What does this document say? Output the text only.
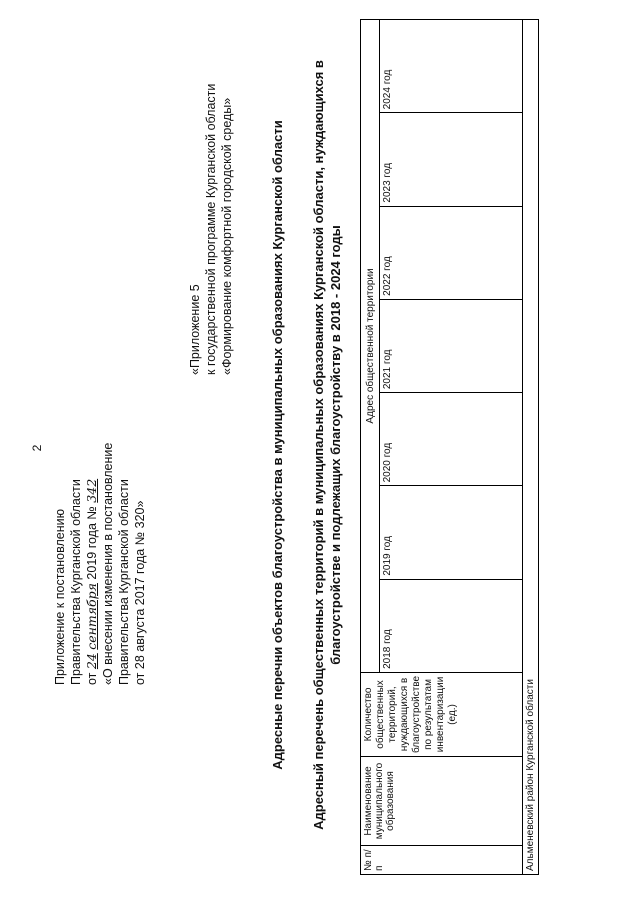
2
Приложение к постановлению Правительства Курганской области от 24 сентября 2019 года № 342 «О внесении изменения в постановление Правительства Курганской области от 28 августа 2017 года № 320»
«Приложение 5 к государственной программе Курганской области «Формирование комфортной городской среды»	Адресные перечни объектов благоустройства в муниципальных образованиях Курганской области Адресный перечень общественных территорий в муниципальных образованиях Курганской области, нуждающихся в благоустройстве и подлежащих благоустройству в 2018 - 2024 годы
№ п/п	Наименование муниципального образования	Количество общественных территорий, нуждающихся в благоустройстве по результатам инвентаризации (ед.)	Адрес общественной территории						
			2018 год	2019 год	2020 год	2021 год	2022 год	2023 год	2024 год
Альменевский район Курганской области									
